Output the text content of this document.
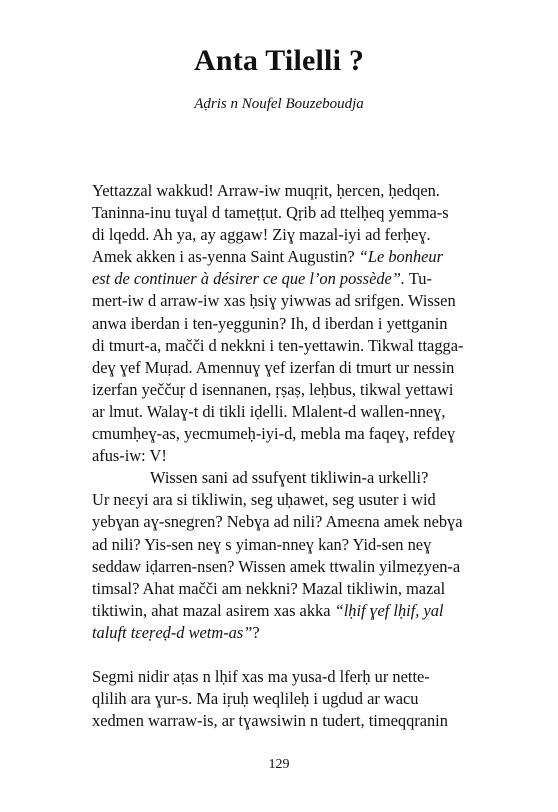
Anta Tilelli ?

Aḍris n Noufel Bouzeboudja

Yettazzal wakkud! Arraw-iw muqṛit, ḥercen, ḥedqen.
Taninna-inu tuɣal d tameṭṭut. Qṛib ad ttelḥeq yemma-s
di lqedd. Ah ya, ay aggaw! Ziɣ mazal-iyi ad ferḥeɣ.
Amek akken i as-yenna Saint Augustin? “Le bonheur
est de continuer à désirer ce que l’on possède”. Tu-
mert-iw d arraw-iw xas ḥsiɣ yiwwas ad srifgen. Wissen
anwa iberdan i ten-yeggunin? Ih, d iberdan i yettganin
di tmurt-a, mačči d nekkni i ten-yettawin. Tikwal ttagga-
deɣ ɣef Muṛad. Amennuɣ ɣef izerfan di tmurt ur nessin
izerfan yeččuṛ d isennanen, ṛṣaṣ, leḥbus, tikwal yettawi
ar lmut. Walaɣ-t di tikli iḍelli. Mlalent-d wallen-nneɣ,
cmumḥeɣ-as, yecmumeḥ-iyi-d, mebla ma faqeɣ, refdeɣ
afus-iw: V!
Wissen sani ad ssufɣent tikliwin-a urkelli?
Ur neɛyi ara si tikliwin, seg uḥawet, seg usuter i wid
yebɣan aɣ-snegren? Nebɣa ad nili? Ameɛna amek nebɣa
ad nili? Yis-sen neɣ s yiman-nneɣ kan? Yid-sen neɣ
seddaw iḍarren-nsen? Wissen amek ttwalin yilmeẓyen-a
timsal? Ahat mačči am nekkni? Mazal tikliwin, mazal
tiktiwin, ahat mazal asirem xas akka “lḥif ɣef lḥif, yal
taluft tɛeṛeḍ-d wetm-as”?
Segmi nidir aṭas n lḥif xas ma yusa-d lferḥ ur nette-
qlilih ara ɣur-s. Ma iṛuḥ weqlileḥ i ugdud ar wacu
xedmen warraw-is, ar tɣawsiwin n tudert, timeqqranin

129
